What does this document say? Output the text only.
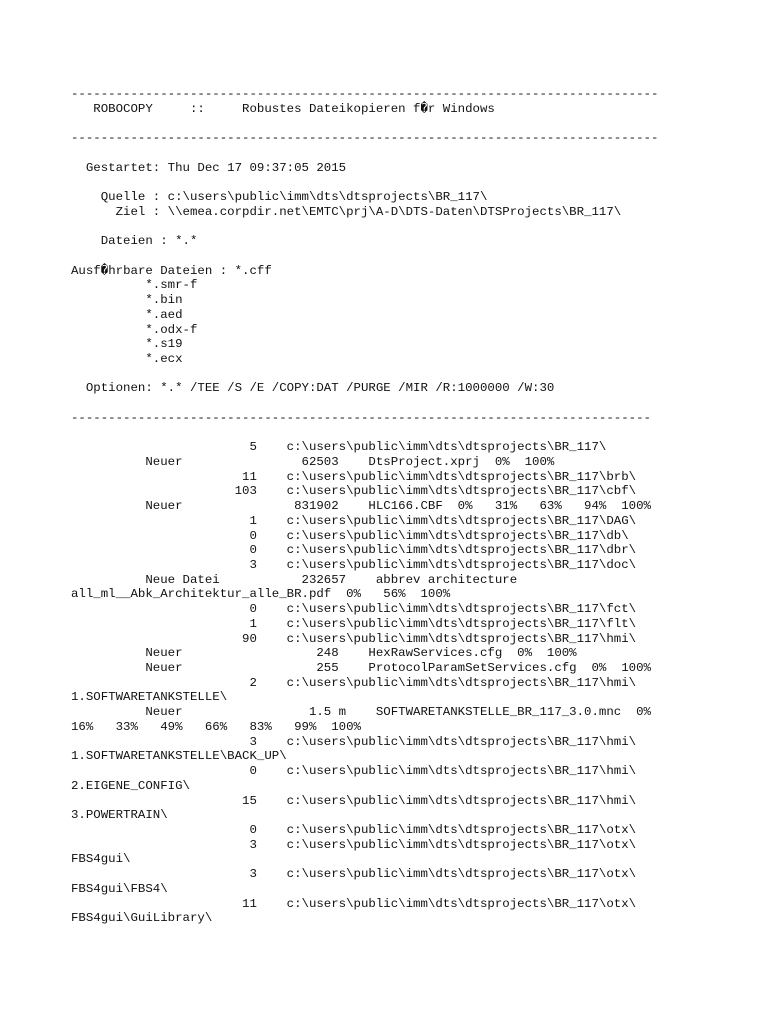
-------------------------------------------------------------------------------
ROBOCOPY     ::     Robustes Dateikopieren f�r Windows
-------------------------------------------------------------------------------
Gestartet: Thu Dec 17 09:37:05 2015
Quelle : c:\users\public\imm\dts\dtsprojects\BR_117\
Ziel : \\emea.corpdir.net\EMTC\prj\A-D\DTS-Daten\DTSProjects\BR_117\
Dateien : *.*
Ausf�hrbare Dateien : *.cff
*.smr-f
*.bin
*.aed
*.odx-f
*.s19
*.ecx
Optionen: *.* /TEE /S /E /COPY:DAT /PURGE /MIR /R:1000000 /W:30
------------------------------------------------------------------------------
5    c:\users\public\imm\dts\dtsprojects\BR_117\
Neuer                62503    DtsProject.xprj  0%  100%
11    c:\users\public\imm\dts\dtsprojects\BR_117\brb\
103    c:\users\public\imm\dts\dtsprojects\BR_117\cbf\
Neuer               831902    HLC166.CBF  0%   31%   63%   94%  100%
1    c:\users\public\imm\dts\dtsprojects\BR_117\DAG\
0    c:\users\public\imm\dts\dtsprojects\BR_117\db\
0    c:\users\public\imm\dts\dtsprojects\BR_117\dbr\
3    c:\users\public\imm\dts\dtsprojects\BR_117\doc\
Neue Datei           232657    abbrev architecture
all_ml__Abk_Architektur_alle_BR.pdf  0%   56%  100%
0    c:\users\public\imm\dts\dtsprojects\BR_117\fct\
1    c:\users\public\imm\dts\dtsprojects\BR_117\flt\
90    c:\users\public\imm\dts\dtsprojects\BR_117\hmi\
Neuer                  248    HexRawServices.cfg  0%  100%
Neuer                  255    ProtocolParamSetServices.cfg  0%  100%
2    c:\users\public\imm\dts\dtsprojects\BR_117\hmi\
1.SOFTWARETANKSTELLE\
Neuer                 1.5 m    SOFTWARETANKSTELLE_BR_117_3.0.mnc  0%
16%   33%   49%   66%   83%   99%  100%
3    c:\users\public\imm\dts\dtsprojects\BR_117\hmi\
1.SOFTWARETANKSTELLE\BACK_UP\
0    c:\users\public\imm\dts\dtsprojects\BR_117\hmi\
2.EIGENE_CONFIG\
15    c:\users\public\imm\dts\dtsprojects\BR_117\hmi\
3.POWERTRAIN\
0    c:\users\public\imm\dts\dtsprojects\BR_117\otx\
3    c:\users\public\imm\dts\dtsprojects\BR_117\otx\
FBS4gui\
3    c:\users\public\imm\dts\dtsprojects\BR_117\otx\
FBS4gui\FBS4\
11    c:\users\public\imm\dts\dtsprojects\BR_117\otx\
FBS4gui\GuiLibrary\
